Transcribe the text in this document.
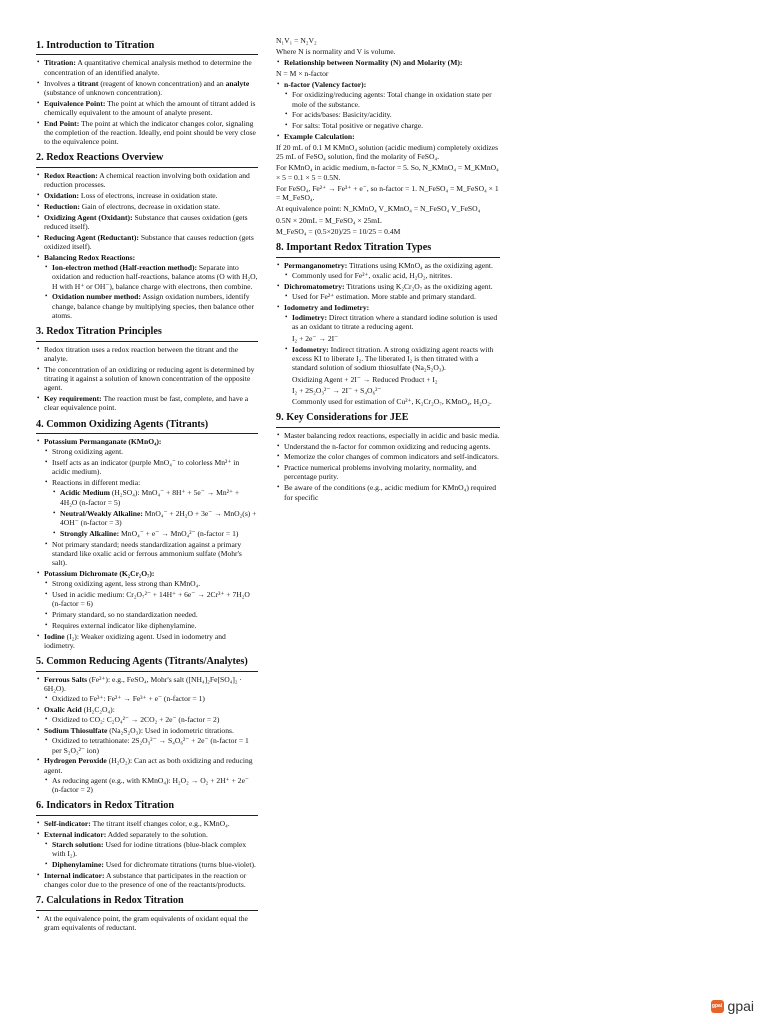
1. Introduction to Titration
• Titration: A quantitative chemical analysis method to determine the concentration of an identified analyte.
• Involves a titrant (reagent of known concentration) and an analyte (substance of unknown concentration).
• Equivalence Point: The point at which the amount of titrant added is chemically equivalent to the amount of analyte present.
• End Point: The point at which the indicator changes color, signaling the completion of the reaction. Ideally, end point should be very close to the equivalence point.
2. Redox Reactions Overview
• Redox Reaction: A chemical reaction involving both oxidation and reduction processes.
• Oxidation: Loss of electrons, increase in oxidation state.
• Reduction: Gain of electrons, decrease in oxidation state.
• Oxidizing Agent (Oxidant): Substance that causes oxidation (gets reduced itself).
• Reducing Agent (Reductant): Substance that causes reduction (gets oxidized itself).
• Balancing Redox Reactions:
• Ion-electron method (Half-reaction method): Separate into oxidation and reduction half-reactions, balance atoms (O with H₂O, H with H⁺ or OH⁻), balance charge with electrons, then combine.
• Oxidation number method: Assign oxidation numbers, identify change, balance change by multiplying species, then balance other atoms.
3. Redox Titration Principles
• Redox titration uses a redox reaction between the titrant and the analyte.
• The concentration of an oxidizing or reducing agent is determined by titrating it against a solution of known concentration of the opposite agent.
• Key requirement: The reaction must be fast, complete, and have a clear equivalence point.
4. Common Oxidizing Agents (Titrants)
• Potassium Permanganate (KMnO₄):
• Strong oxidizing agent.
• Itself acts as an indicator (purple MnO₄⁻ to colorless Mn²⁺ in acidic medium).
• Reactions in different media:
• Acidic Medium (H₂SO₄): MnO₄⁻ + 8H⁺ + 5e⁻ → Mn²⁺ + 4H₂O (n-factor = 5)
• Neutral/Weakly Alkaline: MnO₄⁻ + 2H₂O + 3e⁻ → MnO₂(s) + 4OH⁻ (n-factor = 3)
• Strongly Alkaline: MnO₄⁻ + e⁻ → MnO₄²⁻ (n-factor = 1)
• Not primary standard; needs standardization against a primary standard like oxalic acid or ferrous ammonium sulfate (Mohr's salt).
• Potassium Dichromate (K₂Cr₂O₇):
• Strong oxidizing agent, less strong than KMnO₄.
• Used in acidic medium: Cr₂O₇²⁻ + 14H⁺ + 6e⁻ → 2Cr³⁺ + 7H₂O (n-factor = 6)
• Primary standard, so no standardization needed.
• Requires external indicator like diphenylamine.
• Iodine (I₂): Weaker oxidizing agent. Used in iodometry and iodimetry.
5. Common Reducing Agents (Titrants/Analytes)
• Ferrous Salts (Fe²⁺): e.g., FeSO₄, Mohr's salt ([NH₄]₂Fe[SO₄]₂ · 6H₂O).
• Oxidized to Fe³⁺: Fe²⁺ → Fe³⁺ + e⁻ (n-factor = 1)
• Oxalic Acid (H₂C₂O₄):
• Oxidized to CO₂: C₂O₄²⁻ → 2CO₂ + 2e⁻ (n-factor = 2)
• Sodium Thiosulfate (Na₂S₂O₃): Used in iodometric titrations.
• Oxidized to tetrathionate: 2S₂O₃²⁻ → S₄O₆²⁻ + 2e⁻ (n-factor = 1 per S₂O₃²⁻ ion)
• Hydrogen Peroxide (H₂O₂): Can act as both oxidizing and reducing agent.
• As reducing agent (e.g., with KMnO₄): H₂O₂ → O₂ + 2H⁺ + 2e⁻ (n-factor = 2)
6. Indicators in Redox Titration
• Self-indicator: The titrant itself changes color, e.g., KMnO₄.
• External indicator: Added separately to the solution.
• Starch solution: Used for iodine titrations (blue-black complex with I₂).
• Diphenylamine: Used for dichromate titrations (turns blue-violet).
• Internal indicator: A substance that participates in the reaction or changes color due to the presence of one of the reactants/products.
7. Calculations in Redox Titration
• At the equivalence point, the gram equivalents of oxidant equal the gram equivalents of reductant.
N₁V₁ = N₂V₂
Where N is normality and V is volume.
• Relationship between Normality (N) and Molarity (M):
N = M × n-factor
• n-factor (Valency factor):
• For oxidizing/reducing agents: Total change in oxidation state per mole of the substance.
• For acids/bases: Basicity/acidity.
• For salts: Total positive or negative charge.
• Example Calculation:
If 20 mL of 0.1 M KMnO₄ solution (acidic medium) completely oxidizes 25 mL of FeSO₄ solution, find the molarity of FeSO₄.
For KMnO₄ in acidic medium, n-factor = 5. So, N_KMnO₄ = M_KMnO₄ × 5 = 0.1 × 5 = 0.5N.
For FeSO₄, Fe²⁺ → Fe³⁺ + e⁻, so n-factor = 1. N_FeSO₄ = M_FeSO₄ × 1 = M_FeSO₄.
At equivalence point: N_KMnO₄ V_KMnO₄ = N_FeSO₄ V_FeSO₄
0.5N × 20mL = M_FeSO₄ × 25mL
M_FeSO₄ = (0.5×20)/25 = 10/25 = 0.4M
8. Important Redox Titration Types
• Permanganometry: Titrations using KMnO₄ as the oxidizing agent.
• Commonly used for Fe²⁺, oxalic acid, H₂O₂, nitrites.
• Dichromatometry: Titrations using K₂Cr₂O₇ as the oxidizing agent.
• Used for Fe²⁺ estimation. More stable and primary standard.
• Iodometry and Iodimetry:
• Iodimetry: Direct titration where a standard iodine solution is used as an oxidant to titrate a reducing agent.
I₂ + 2e⁻ → 2I⁻
• Iodometry: Indirect titration. A strong oxidizing agent reacts with excess KI to liberate I₂. The liberated I₂ is then titrated with a standard solution of sodium thiosulfate (Na₂S₂O₃).
Oxidizing Agent + 2I⁻ → Reduced Product + I₂
I₂ + 2S₂O₃²⁻ → 2I⁻ + S₄O₆²⁻
Commonly used for estimation of Cu²⁺, K₂Cr₂O₇, KMnO₄, H₂O₂.
9. Key Considerations for JEE
• Master balancing redox reactions, especially in acidic and basic media.
• Understand the n-factor for common oxidizing and reducing agents.
• Memorize the color changes of common indicators and self-indicators.
• Practice numerical problems involving molarity, normality, and percentage purity.
• Be aware of the conditions (e.g., acidic medium for KMnO₄) required for specific
gpai gpai
